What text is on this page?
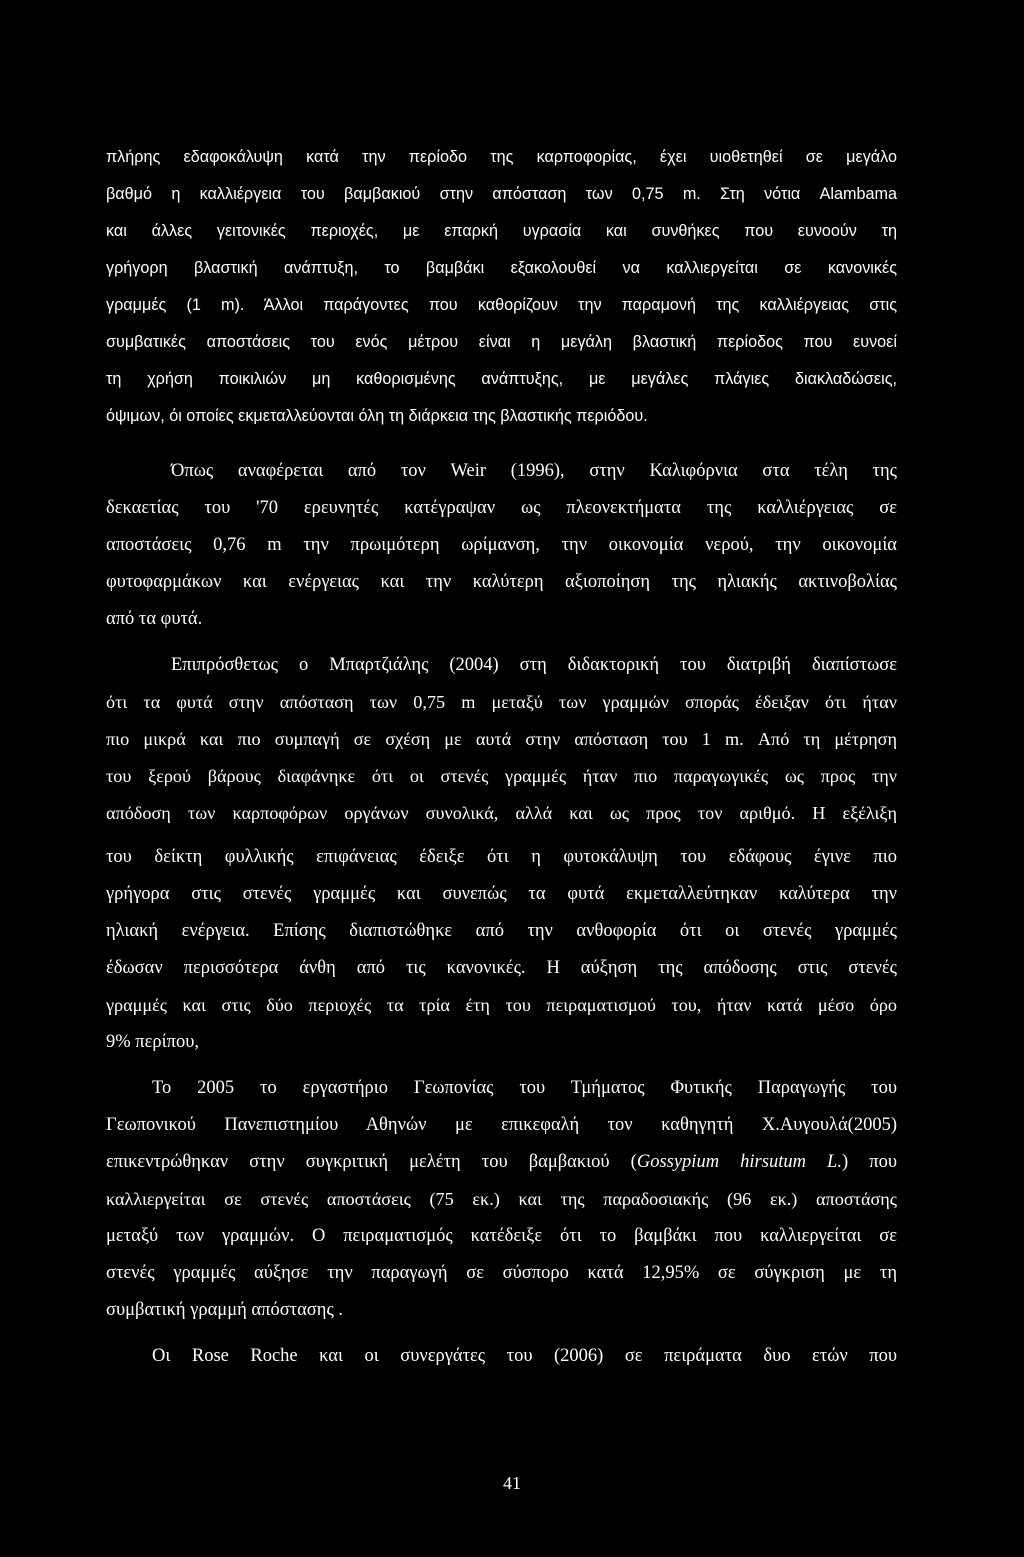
πλήρης εδαφοκάλυψη κατά την περίοδο της καρποφορίας, έχει υιοθετηθεί σε μεγάλο
βαθμό η καλλιέργεια του βαμβακιού στην απόσταση των 0,75 m. Στη νότια Alambama
και άλλες γειτονικές περιοχές, με επαρκή υγρασία και συνθήκες που ευνοούν τη
γρήγορη βλαστική ανάπτυξη, το βαμβάκι εξακολουθεί να καλλιεργείται σε κανονικές
γραμμές (1 m). Άλλοι παράγοντες που καθορίζουν την παραμονή της καλλιέργειας στις
συμβατικές αποστάσεις του ενός μέτρου είναι η μεγάλη βλαστική περίοδος που ευνοεί
τη χρήση ποικιλιών μη καθορισμένης ανάπτυξης, με μεγάλες πλάγιες διακλαδώσεις,
όψιμων, όι οποίες εκμεταλλεύονται όλη τη διάρκεια της βλαστικής περιόδου.
Όπως αναφέρεται από τον Weir (1996), στην Καλιφόρνια στα τέλη της
δεκαετίας του '70 ερευνητές κατέγραψαν ως πλεονεκτήματα της καλλιέργειας σε
αποστάσεις 0,76 m την πρωιμότερη ωρίμανση, την οικονομία νερού, την οικονομία
φυτοφαρμάκων και ενέργειας και την καλύτερη αξιοποίηση της ηλιακής ακτινοβολίας
από τα φυτά.
Επιπρόσθετως ο Μπαρτζιάλης (2004) στη διδακτορική του διατριβή διαπίστωσε
ότι τα φυτά στην απόσταση των 0,75 m μεταξύ των γραμμών σποράς έδειξαν ότι ήταν
πιο μικρά και πιο συμπαγή σε σχέση με αυτά στην απόσταση του 1 m. Από τη μέτρηση
του ξερού βάρους διαφάνηκε ότι οι στενές γραμμές ήταν πιο παραγωγικές ως προς την
απόδοση των καρποφόρων οργάνων συνολικά, αλλά και ως προς τον αριθμό. Η εξέλιξη
του δείκτη φυλλικής επιφάνειας έδειξε ότι η φυτοκάλυψη του εδάφους έγινε πιο
γρήγορα στις στενές γραμμές και συνεπώς τα φυτά εκμεταλλεύτηκαν καλύτερα την
ηλιακή ενέργεια. Επίσης διαπιστώθηκε από την ανθοφορία ότι οι στενές γραμμές
έδωσαν περισσότερα άνθη από τις κανονικές. Η αύξηση της απόδοσης στις στενές
γραμμές και στις δύο περιοχές τα τρία έτη του πειραματισμού του, ήταν κατά μέσο όρο
9% περίπου,
Το 2005 το εργαστήριο Γεωπονίας του Τμήματος Φυτικής Παραγωγής του
Γεωπονικού Πανεπιστημίου Αθηνών με επικεφαλή τον καθηγητή Χ.Αυγουλά(2005)
επικεντρώθηκαν στην συγκριτική μελέτη του βαμβακιού (Gossypium hirsutum L.) που
καλλιεργείται σε στενές αποστάσεις (75 εκ.) και της παραδοσιακής (96 εκ.) αποστάσης
μεταξύ των γραμμών. Ο πειραματισμός κατέδειξε ότι το βαμβάκι που καλλιεργείται σε
στενές γραμμές αύξησε την παραγωγή σε σύσπορο κατά 12,95% σε σύγκριση με τη
συμβατική γραμμή απόστασης .
Οι Rose Roche και οι συνεργάτες του (2006) σε πειράματα δυο ετών που
41
